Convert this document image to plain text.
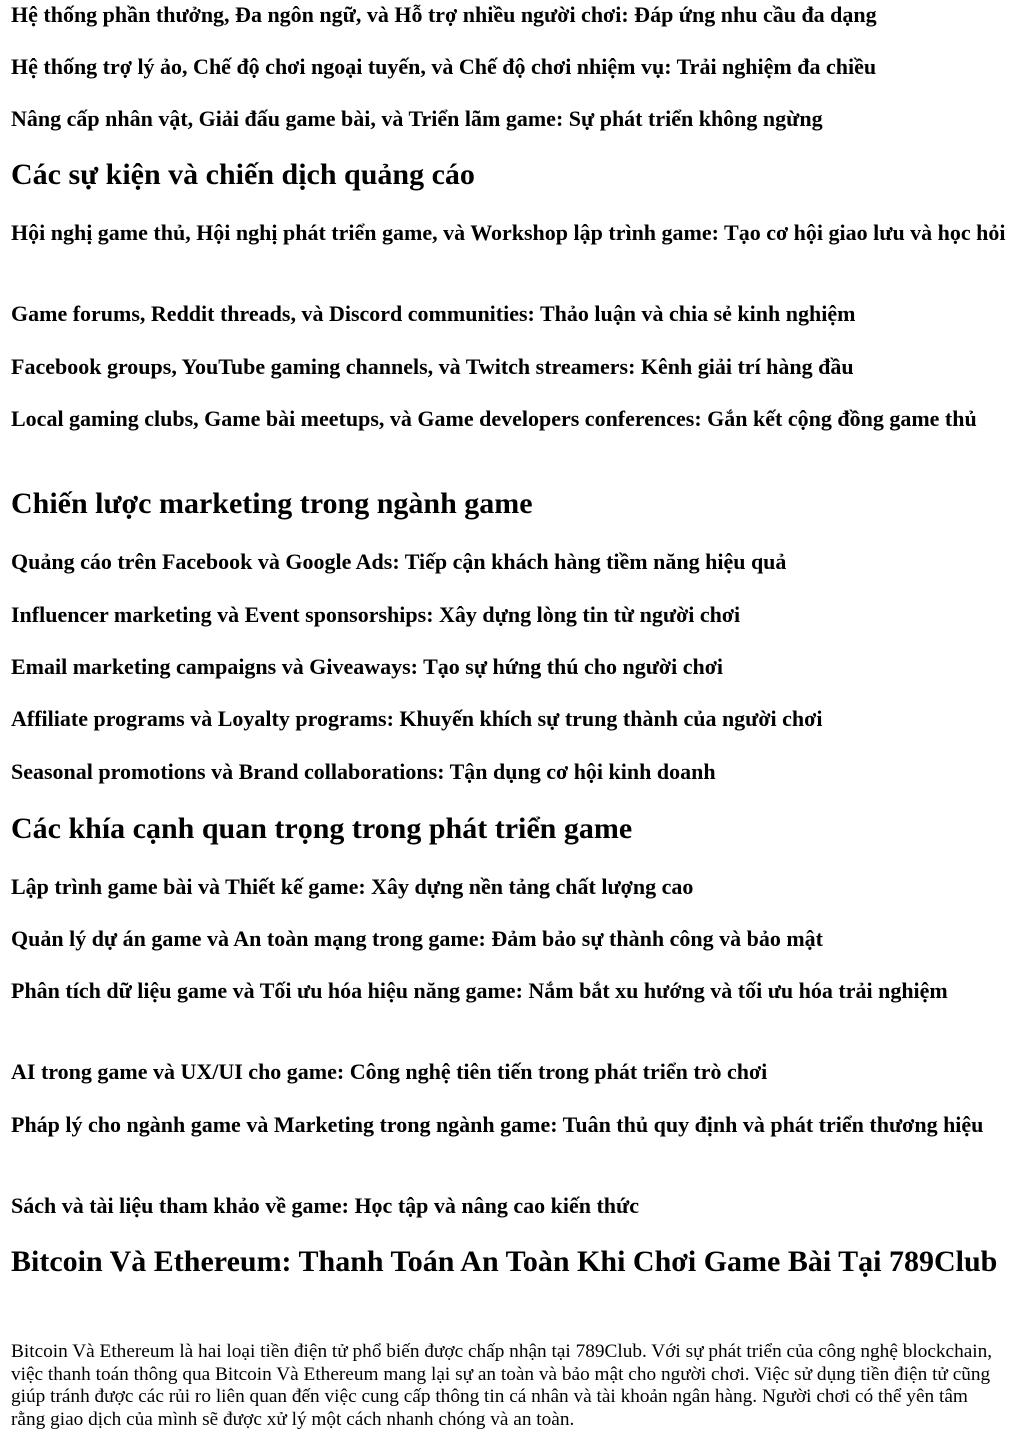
Hệ thống phần thưởng, Đa ngôn ngữ, và Hỗ trợ nhiều người chơi: Đáp ứng nhu cầu đa dạng

Hệ thống trợ lý ảo, Chế độ chơi ngoại tuyến, và Chế độ chơi nhiệm vụ: Trải nghiệm đa chiều

Nâng cấp nhân vật, Giải đấu game bài, và Triển lãm game: Sự phát triển không ngừng

Các sự kiện và chiến dịch quảng cáo

Hội nghị game thủ, Hội nghị phát triển game, và Workshop lập trình game: Tạo cơ hội giao lưu và học hỏi

Game forums, Reddit threads, và Discord communities: Thảo luận và chia sẻ kinh nghiệm

Facebook groups, YouTube gaming channels, và Twitch streamers: Kênh giải trí hàng đầu

Local gaming clubs, Game bài meetups, và Game developers conferences: Gắn kết cộng đồng game thủ

Chiến lược marketing trong ngành game

Quảng cáo trên Facebook và Google Ads: Tiếp cận khách hàng tiềm năng hiệu quả

Influencer marketing và Event sponsorships: Xây dựng lòng tin từ người chơi

Email marketing campaigns và Giveaways: Tạo sự hứng thú cho người chơi

Affiliate programs và Loyalty programs: Khuyến khích sự trung thành của người chơi

Seasonal promotions và Brand collaborations: Tận dụng cơ hội kinh doanh

Các khía cạnh quan trọng trong phát triển game

Lập trình game bài và Thiết kế game: Xây dựng nền tảng chất lượng cao

Quản lý dự án game và An toàn mạng trong game: Đảm bảo sự thành công và bảo mật

Phân tích dữ liệu game và Tối ưu hóa hiệu năng game: Nắm bắt xu hướng và tối ưu hóa trải nghiệm

AI trong game và UX/UI cho game: Công nghệ tiên tiến trong phát triển trò chơi

Pháp lý cho ngành game và Marketing trong ngành game: Tuân thủ quy định và phát triển thương hiệu

Sách và tài liệu tham khảo về game: Học tập và nâng cao kiến thức

Bitcoin Và Ethereum: Thanh Toán An Toàn Khi Chơi Game Bài Tại 789Club

Bitcoin Và Ethereum là hai loại tiền điện tử phổ biến được chấp nhận tại 789Club. Với sự phát triển của công nghệ blockchain, việc thanh toán thông qua Bitcoin Và Ethereum mang lại sự an toàn và bảo mật cho người chơi. Việc sử dụng tiền điện tử cũng giúp tránh được các rủi ro liên quan đến việc cung cấp thông tin cá nhân và tài khoản ngân hàng. Người chơi có thể yên tâm rằng giao dịch của mình sẽ được xử lý một cách nhanh chóng và an toàn.
